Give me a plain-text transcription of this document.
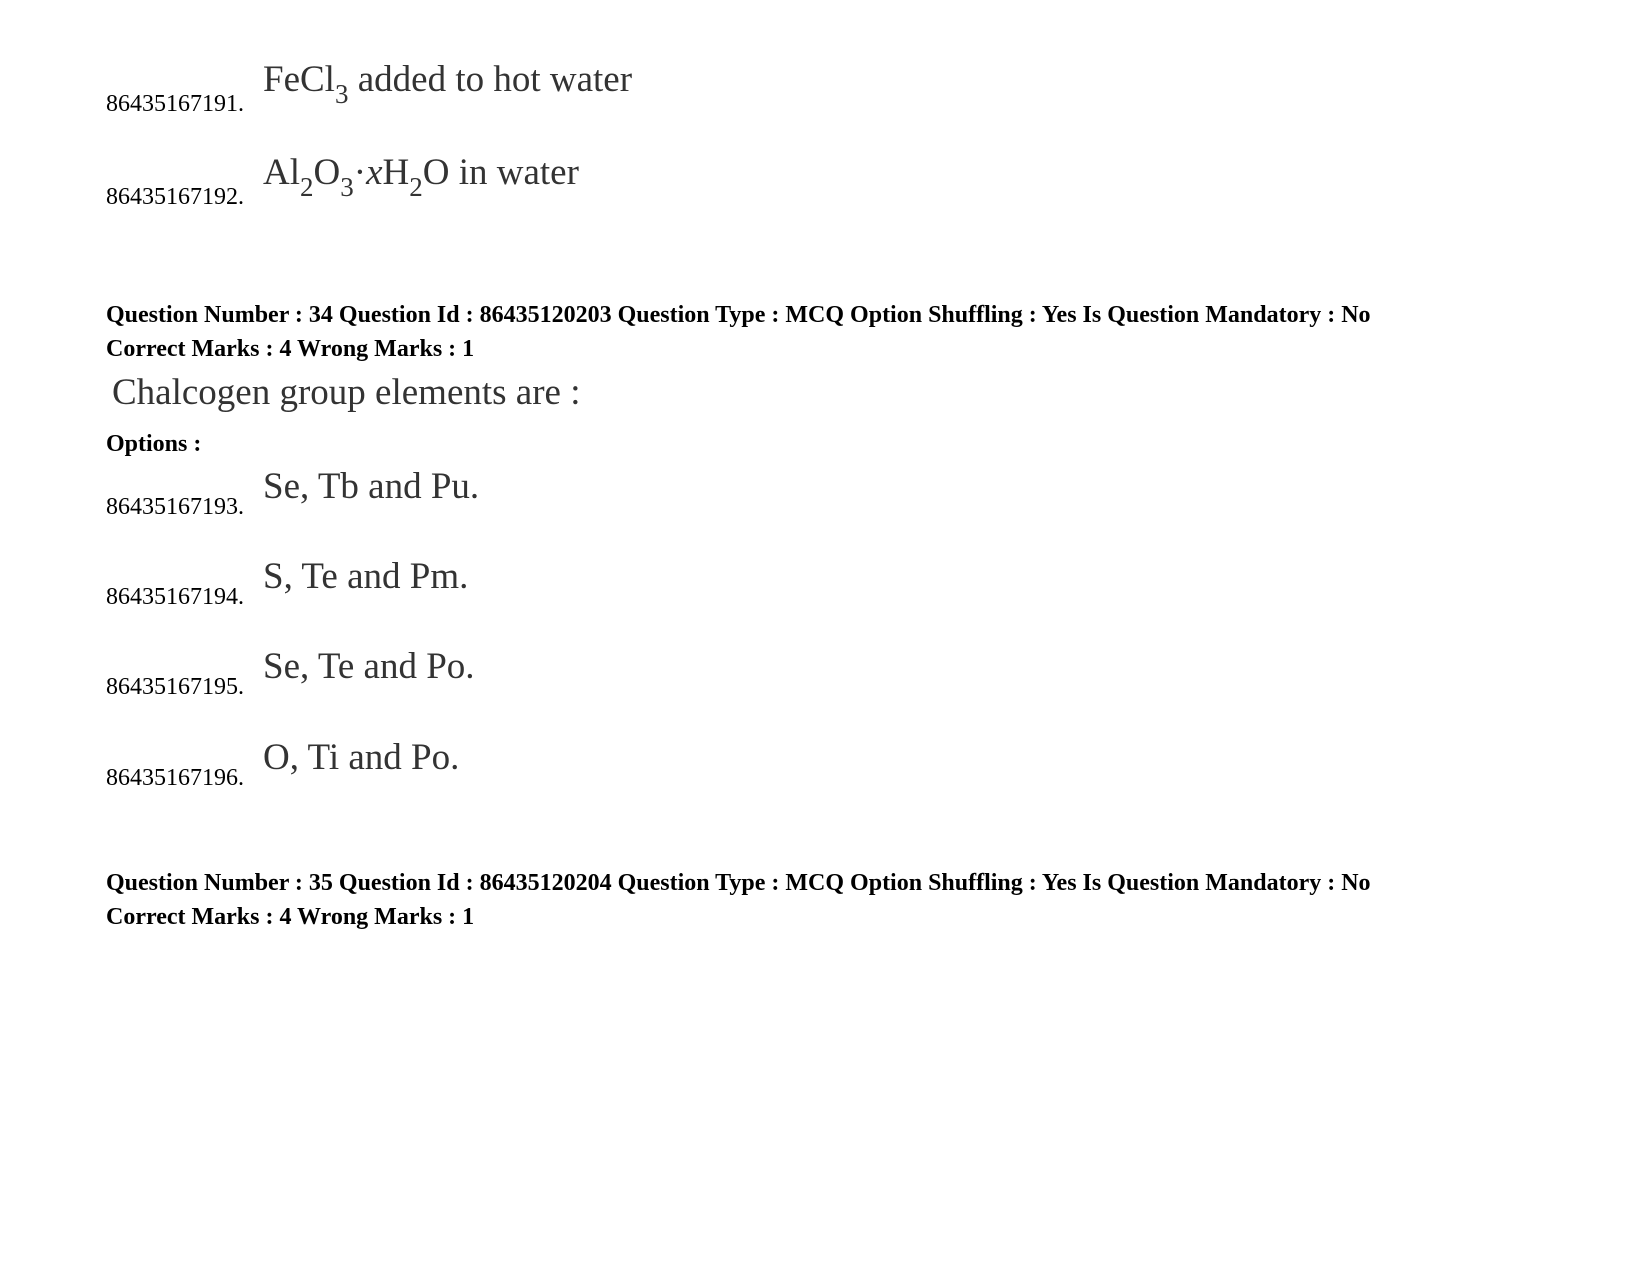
86435167191.
FeCl$_3$ added to hot water
86435167192.
$Al_2O_3\cdot xH_2O$ in water
Question Number : 34 Question Id : 86435120203 Question Type : MCQ Option Shuffling : Yes Is Question Mandatory : No
Correct Marks : 4 Wrong Marks : 1
Chalcogen group elements are :
Options :
86435167193. Se, Tb and Pu.
86435167194. S, Te and Pm.
86435167195. Se, Te and Po.
86435167196. O, Ti and Po.
Question Number : 35 Question Id : 86435120204 Question Type : MCQ Option Shuffling : Yes Is Question Mandatory : No
Correct Marks : 4 Wrong Marks : 1
